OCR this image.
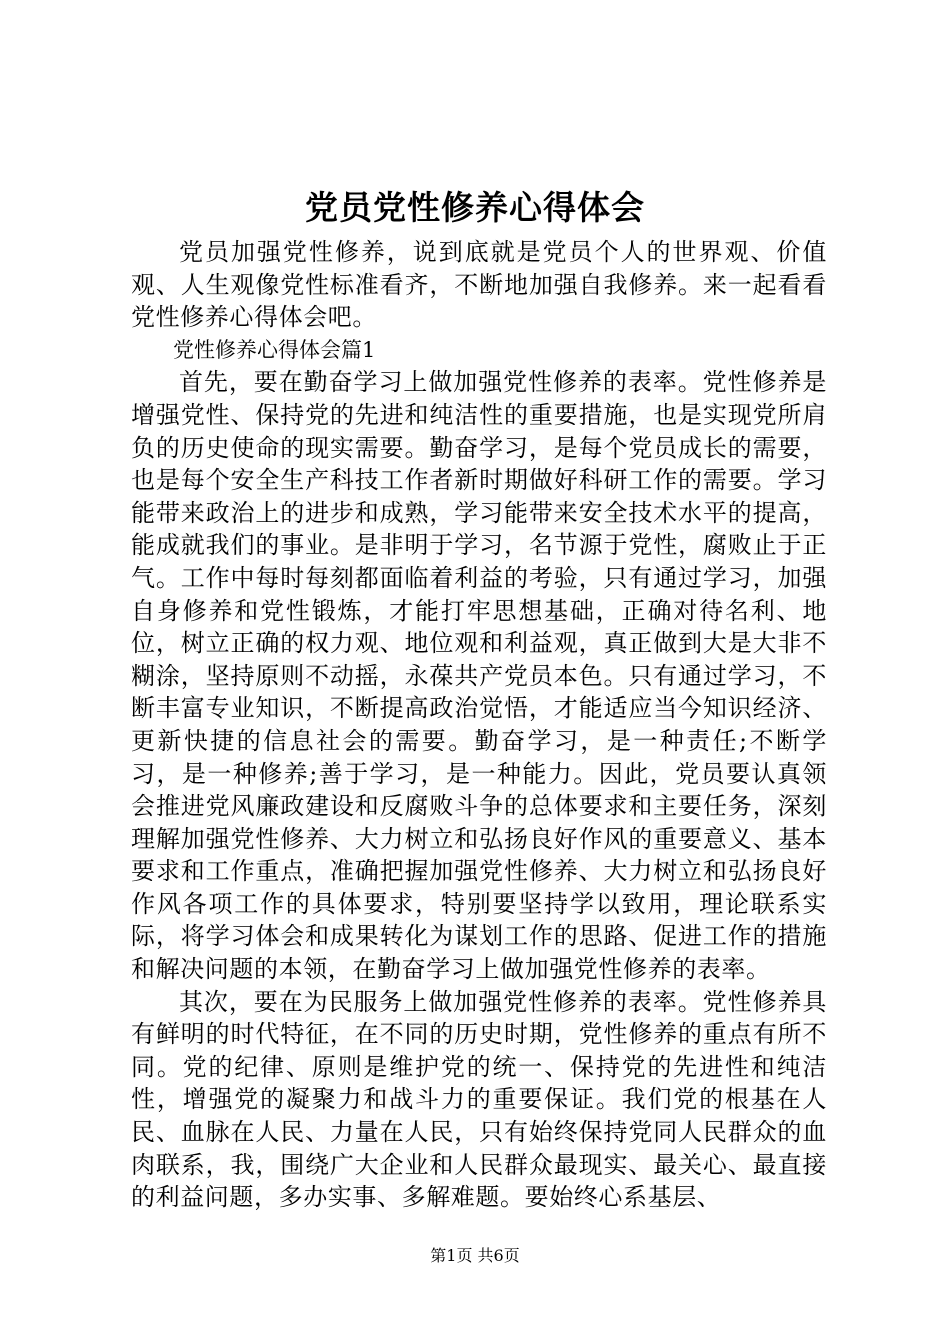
党员党性修养心得体会

党员加强党性修养，说到底就是党员个人的世界观、价值观、人生观像党性标准看齐，不断地加强自我修养。来一起看看党性修养心得体会吧。

党性修养心得体会篇1

首先，要在勤奋学习上做加强党性修养的表率。党性修养是增强党性、保持党的先进和纯洁性的重要措施，也是实现党所肩负的历史使命的现实需要。勤奋学习，是每个党员成长的需要，也是每个安全生产科技工作者新时期做好科研工作的需要。学习能带来政治上的进步和成熟，学习能带来安全技术水平的提高，能成就我们的事业。是非明于学习，名节源于党性，腐败止于正气。工作中每时每刻都面临着利益的考验，只有通过学习，加强自身修养和党性锻炼，才能打牢思想基础，正确对待名利、地位，树立正确的权力观、地位观和利益观，真正做到大是大非不糊涂，坚持原则不动摇，永葆共产党员本色。只有通过学习，不断丰富专业知识，不断提高政治觉悟，才能适应当今知识经济、更新快捷的信息社会的需要。勤奋学习，是一种责任;不断学习，是一种修养;善于学习，是一种能力。因此，党员要认真领会推进党风廉政建设和反腐败斗争的总体要求和主要任务，深刻理解加强党性修养、大力树立和弘扬良好作风的重要意义、基本要求和工作重点，准确把握加强党性修养、大力树立和弘扬良好作风各项工作的具体要求，特别要坚持学以致用，理论联系实际，将学习体会和成果转化为谋划工作的思路、促进工作的措施和解决问题的本领，在勤奋学习上做加强党性修养的表率。

其次，要在为民服务上做加强党性修养的表率。党性修养具有鲜明的时代特征，在不同的历史时期，党性修养的重点有所不同。党的纪律、原则是维护党的统一、保持党的先进性和纯洁性，增强党的凝聚力和战斗力的重要保证。我们党的根基在人民、血脉在人民、力量在人民，只有始终保持党同人民群众的血肉联系，我，围绕广大企业和人民群众最现实、最关心、最直接的利益问题，多办实事、多解难题。要始终心系基层、

第1页 共6页
